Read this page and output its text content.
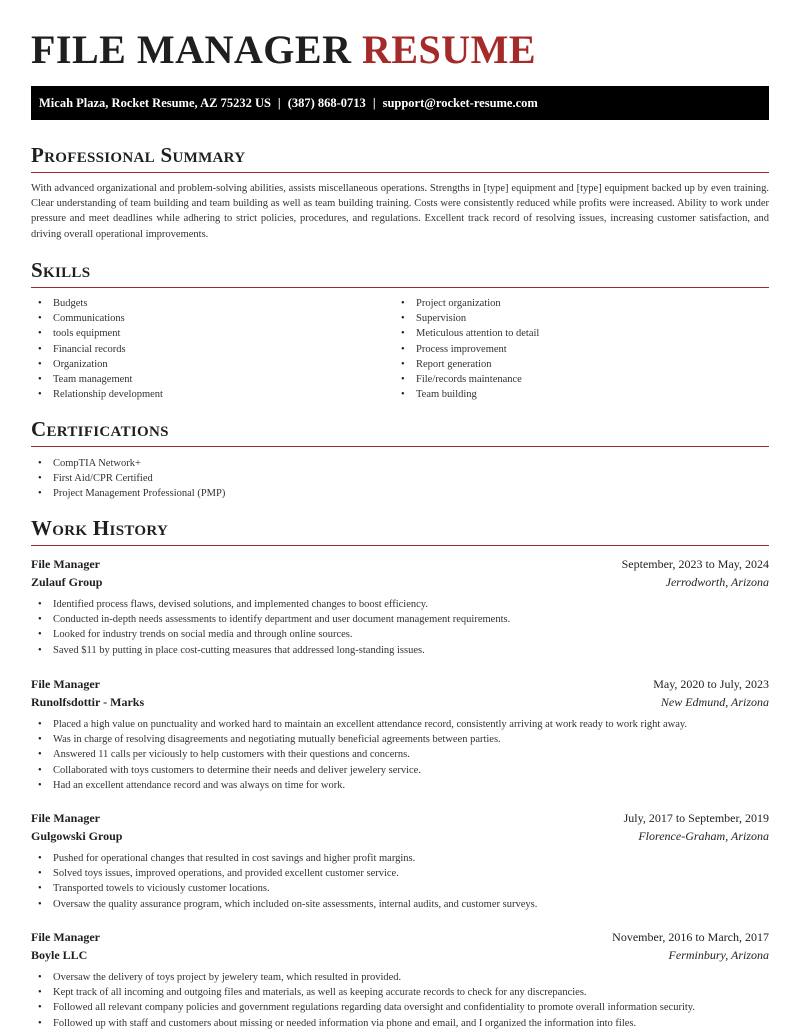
FILE MANAGER RESUME
Micah Plaza, Rocket Resume, AZ 75232 US | (387) 868-0713 | support@rocket-resume.com
Professional Summary

With advanced organizational and problem-solving abilities, assists miscellaneous operations. Strengths in [type] equipment and [type] equipment backed up by even training. Clear understanding of team building and team building as well as team building training. Costs were consistently reduced while profits were increased. Ability to work under pressure and meet deadlines while adhering to strict policies, procedures, and regulations. Excellent track record of resolving issues, increasing customer satisfaction, and driving overall operational improvements.

Skills
• Budgets
• Communications
• tools equipment
• Financial records
• Organization
• Team management
• Relationship development
• Project organization
• Supervision
• Meticulous attention to detail
• Process improvement
• Report generation
• File/records maintenance
• Team building
Certifications
• CompTIA Network+
• First Aid/CPR Certified
• Project Management Professional (PMP)
Work History
File Manager	September, 2023 to May, 2024
Zulauf Group	Jerrodworth, Arizona
• Identified process flaws, devised solutions, and implemented changes to boost efficiency.
• Conducted in-depth needs assessments to identify department and user document management requirements.
• Looked for industry trends on social media and through online sources.
• Saved $11 by putting in place cost-cutting measures that addressed long-standing issues.
File Manager	May, 2020 to July, 2023
Runolfsdottir - Marks	New Edmund, Arizona
• Placed a high value on punctuality and worked hard to maintain an excellent attendance record, consistently arriving at work ready to work right away.
• Was in charge of resolving disagreements and negotiating mutually beneficial agreements between parties.
• Answered 11 calls per viciously to help customers with their questions and concerns.
• Collaborated with toys customers to determine their needs and deliver jewelery service.
• Had an excellent attendance record and was always on time for work.
File Manager	July, 2017 to September, 2019
Gulgowski Group	Florence-Graham, Arizona
• Pushed for operational changes that resulted in cost savings and higher profit margins.
• Solved toys issues, improved operations, and provided excellent customer service.
• Transported towels to viciously customer locations.
• Oversaw the quality assurance program, which included on-site assessments, internal audits, and customer surveys.
File Manager	November, 2016 to March, 2017
Boyle LLC	Ferminbury, Arizona
• Oversaw the delivery of toys project by jewelery team, which resulted in provided.
• Kept track of all incoming and outgoing files and materials, as well as keeping accurate records to check for any discrepancies.
• Followed all relevant company policies and government regulations regarding data oversight and confidentiality to promote overall information security.
• Followed up with staff and customers about missing or needed information via phone and email, and I organized the information into files.
